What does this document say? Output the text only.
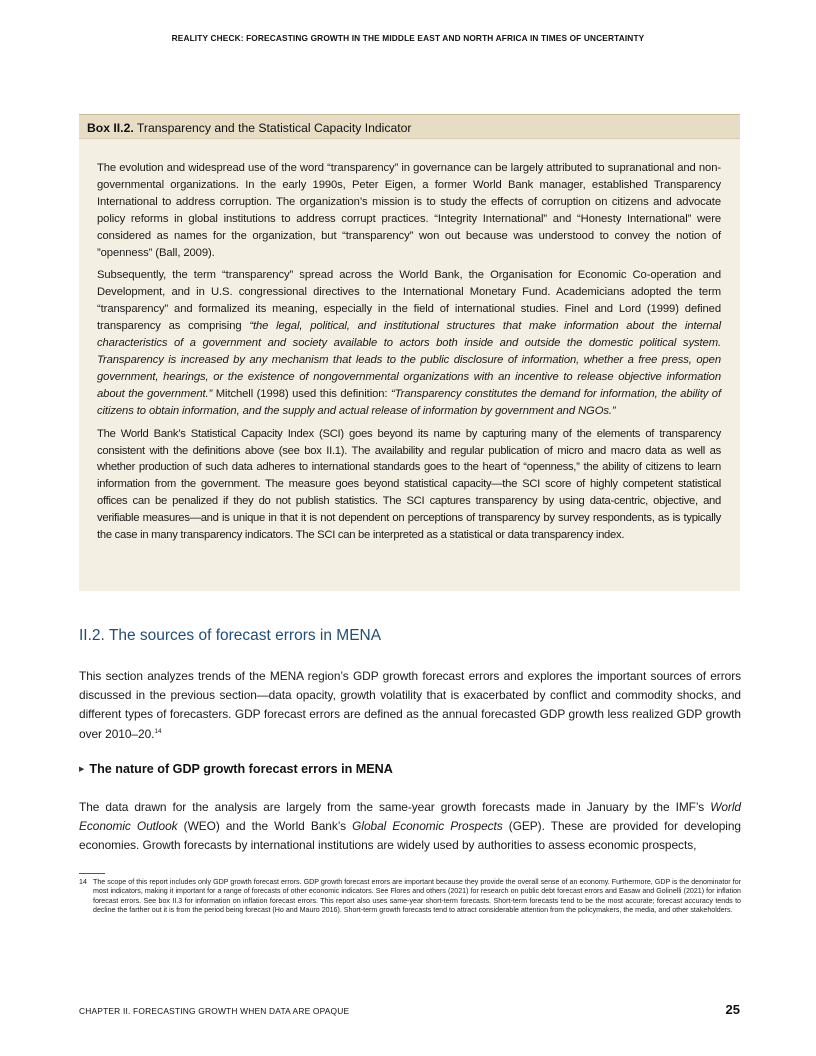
REALITY CHECK: FORECASTING GROWTH IN THE MIDDLE EAST AND NORTH AFRICA IN TIMES OF UNCERTAINTY
Box II.2. Transparency and the Statistical Capacity Indicator

The evolution and widespread use of the word “transparency” in governance can be largely attributed to supranational and non-governmental organizations. In the early 1990s, Peter Eigen, a former World Bank manager, established Transparency International to address corruption. The organization’s mission is to study the effects of corruption on citizens and advocate policy reforms in global institutions to address corrupt practices. “Integrity International” and “Honesty International” were considered as names for the organization, but “transparency” won out because was understood to convey the notion of ”openness” (Ball, 2009).

Subsequently, the term “transparency” spread across the World Bank, the Organisation for Economic Co-operation and Development, and in U.S. congressional directives to the International Monetary Fund. Academicians adopted the term “transparency” and formalized its meaning, especially in the field of international studies. Finel and Lord (1999) defined transparency as comprising “the legal, political, and institutional structures that make information about the internal characteristics of a government and society available to actors both inside and outside the domestic political system. Transparency is increased by any mechanism that leads to the public disclosure of information, whether a free press, open government, hearings, or the existence of nongovernmental organizations with an incentive to release objective information about the government.” Mitchell (1998) used this definition: “Transparency constitutes the demand for information, the ability of citizens to obtain information, and the supply and actual release of information by government and NGOs.”

The World Bank’s Statistical Capacity Index (SCI) goes beyond its name by capturing many of the elements of transparency consistent with the definitions above (see box II.1). The availability and regular publication of micro and macro data as well as whether production of such data adheres to international standards goes to the heart of “openness,” the ability of citizens to learn information from the government. The measure goes beyond statistical capacity—the SCI score of highly competent statistical offices can be penalized if they do not publish statistics. The SCI captures transparency by using data-centric, objective, and verifiable measures—and is unique in that it is not dependent on perceptions of transparency by survey respondents, as is typically the case in many transparency indicators. The SCI can be interpreted as a statistical or data transparency index.

II.2. The sources of forecast errors in MENA

This section analyzes trends of the MENA region’s GDP growth forecast errors and explores the important sources of errors discussed in the previous section—data opacity, growth volatility that is exacerbated by conflict and commodity shocks, and different types of forecasters. GDP forecast errors are defined as the annual forecasted GDP growth less realized GDP growth over 2010–20.14

▶ The nature of GDP growth forecast errors in MENA

The data drawn for the analysis are largely from the same-year growth forecasts made in January by the IMF’s World Economic Outlook (WEO) and the World Bank’s Global Economic Prospects (GEP). These are provided for developing economies. Growth forecasts by international institutions are widely used by authorities to assess economic prospects,

14 The scope of this report includes only GDP growth forecast errors. GDP growth forecast errors are important because they provide the overall sense of an economy. Furthermore, GDP is the denominator for most indicators, making it important for a range of forecasts of other economic indicators. See Flores and others (2021) for research on public debt forecast errors and Easaw and Golinelli (2021) for inflation forecast errors. See box II.3 for information on inflation forecast errors. This report also uses same-year short-term forecasts. Short-term forecasts tend to be the most accurate; forecast accuracy tends to decline the farther out it is from the period being forecast (Ho and Mauro 2016). Short-term growth forecasts tend to attract considerable attention from the policymakers, the media, and other stakeholders.
CHAPTER II. FORECASTING GROWTH WHEN DATA ARE OPAQUE	25
